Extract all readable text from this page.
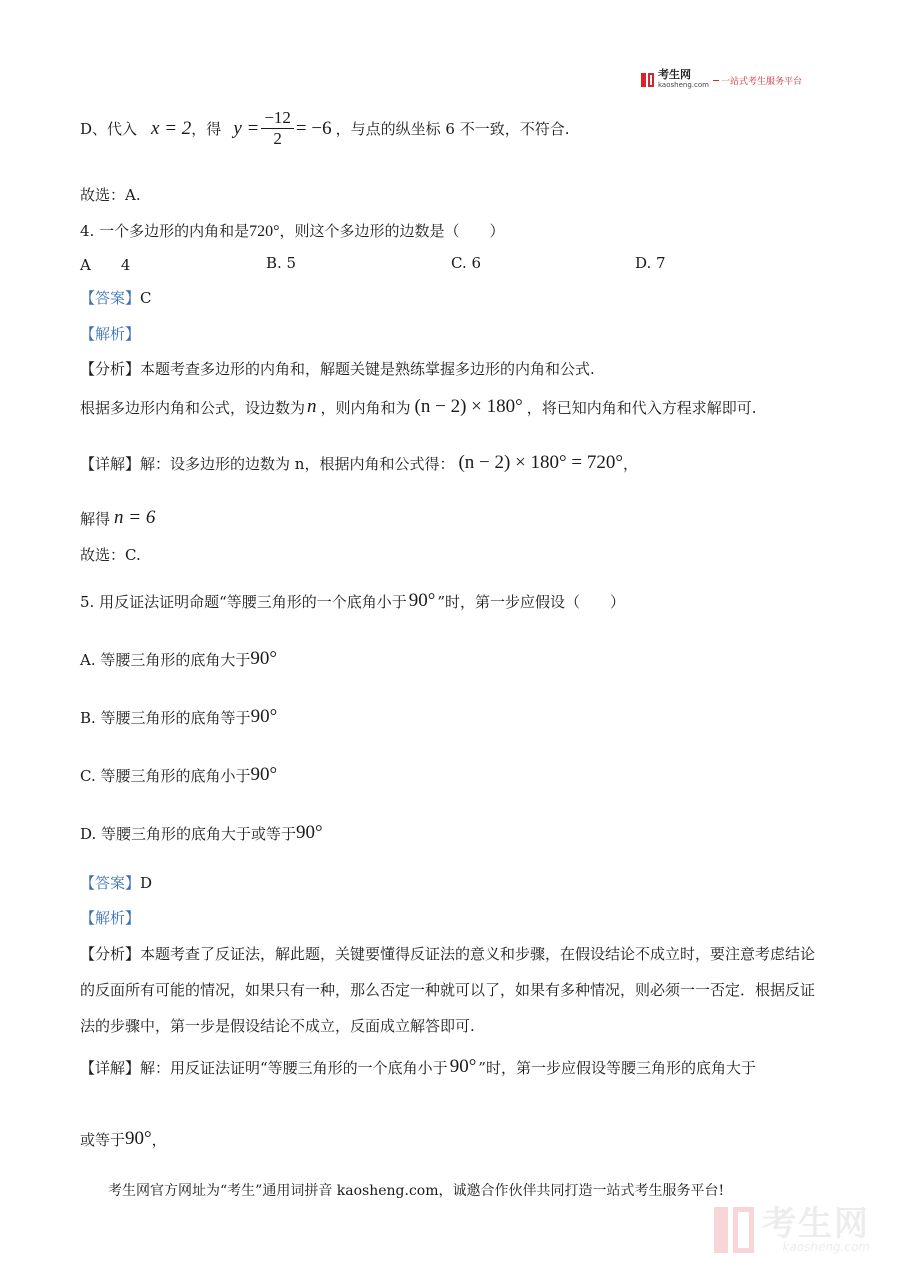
考生网
kaosheng.com 一站式考生服务平台
D、代入 x = 2 ，得 $y = \frac{-12}{2} = -6$ ，与点的纵坐标 6 不一致，不符合.
故选：A.
4. 一个多边形的内角和是720°，则这个多边形的边数是（　　）
A　　4	B. 5	C. 6	D. 7
【答案】C
【解析】
【分析】本题考查多边形的内角和，解题关键是熟练掌握多边形的内角和公式.
根据多边形内角和公式，设边数为 n ，则内角和为 (n − 2) × 180° ，将已知内角和代入方程求解即可.
【详解】 解：设多边形的边数为 n，根据内角和公式得： (n − 2) × 180° = 720° ，
解得 n = 6
故选：C.
5. 用反证法证明命题“等腰三角形的一个底角小于 90° ”时，第一步应假设（　　）
A. 等腰三角形的底角大于 90°
B. 等腰三角形的底角等于 90°
C. 等腰三角形的底角小于 90°
D. 等腰三角形的底角大于或等于 90°
【答案】D
【解析】
【分析】本题考查了反证法，解此题，关键要懂得反证法的意义和步骤，在假设结论不成立时，要注意考虑结论的反面所有可能的情况，如果只有一种，那么否定一种就可以了，如果有多种情况，则必须一一否定．根据反证法的步骤中，第一步是假设结论不成立，反面成立解答即可.
【详解】 解：用反证法证明“等腰三角形的一个底角小于 90° ”时，第一步应假设等腰三角形的底角大于
或等于 90° ，
考生网官方网址为“考生”通用词拼音 kaosheng.com，诚邀合作伙伴共同打造一站式考生服务平台!
考生网
kaosheng.com
